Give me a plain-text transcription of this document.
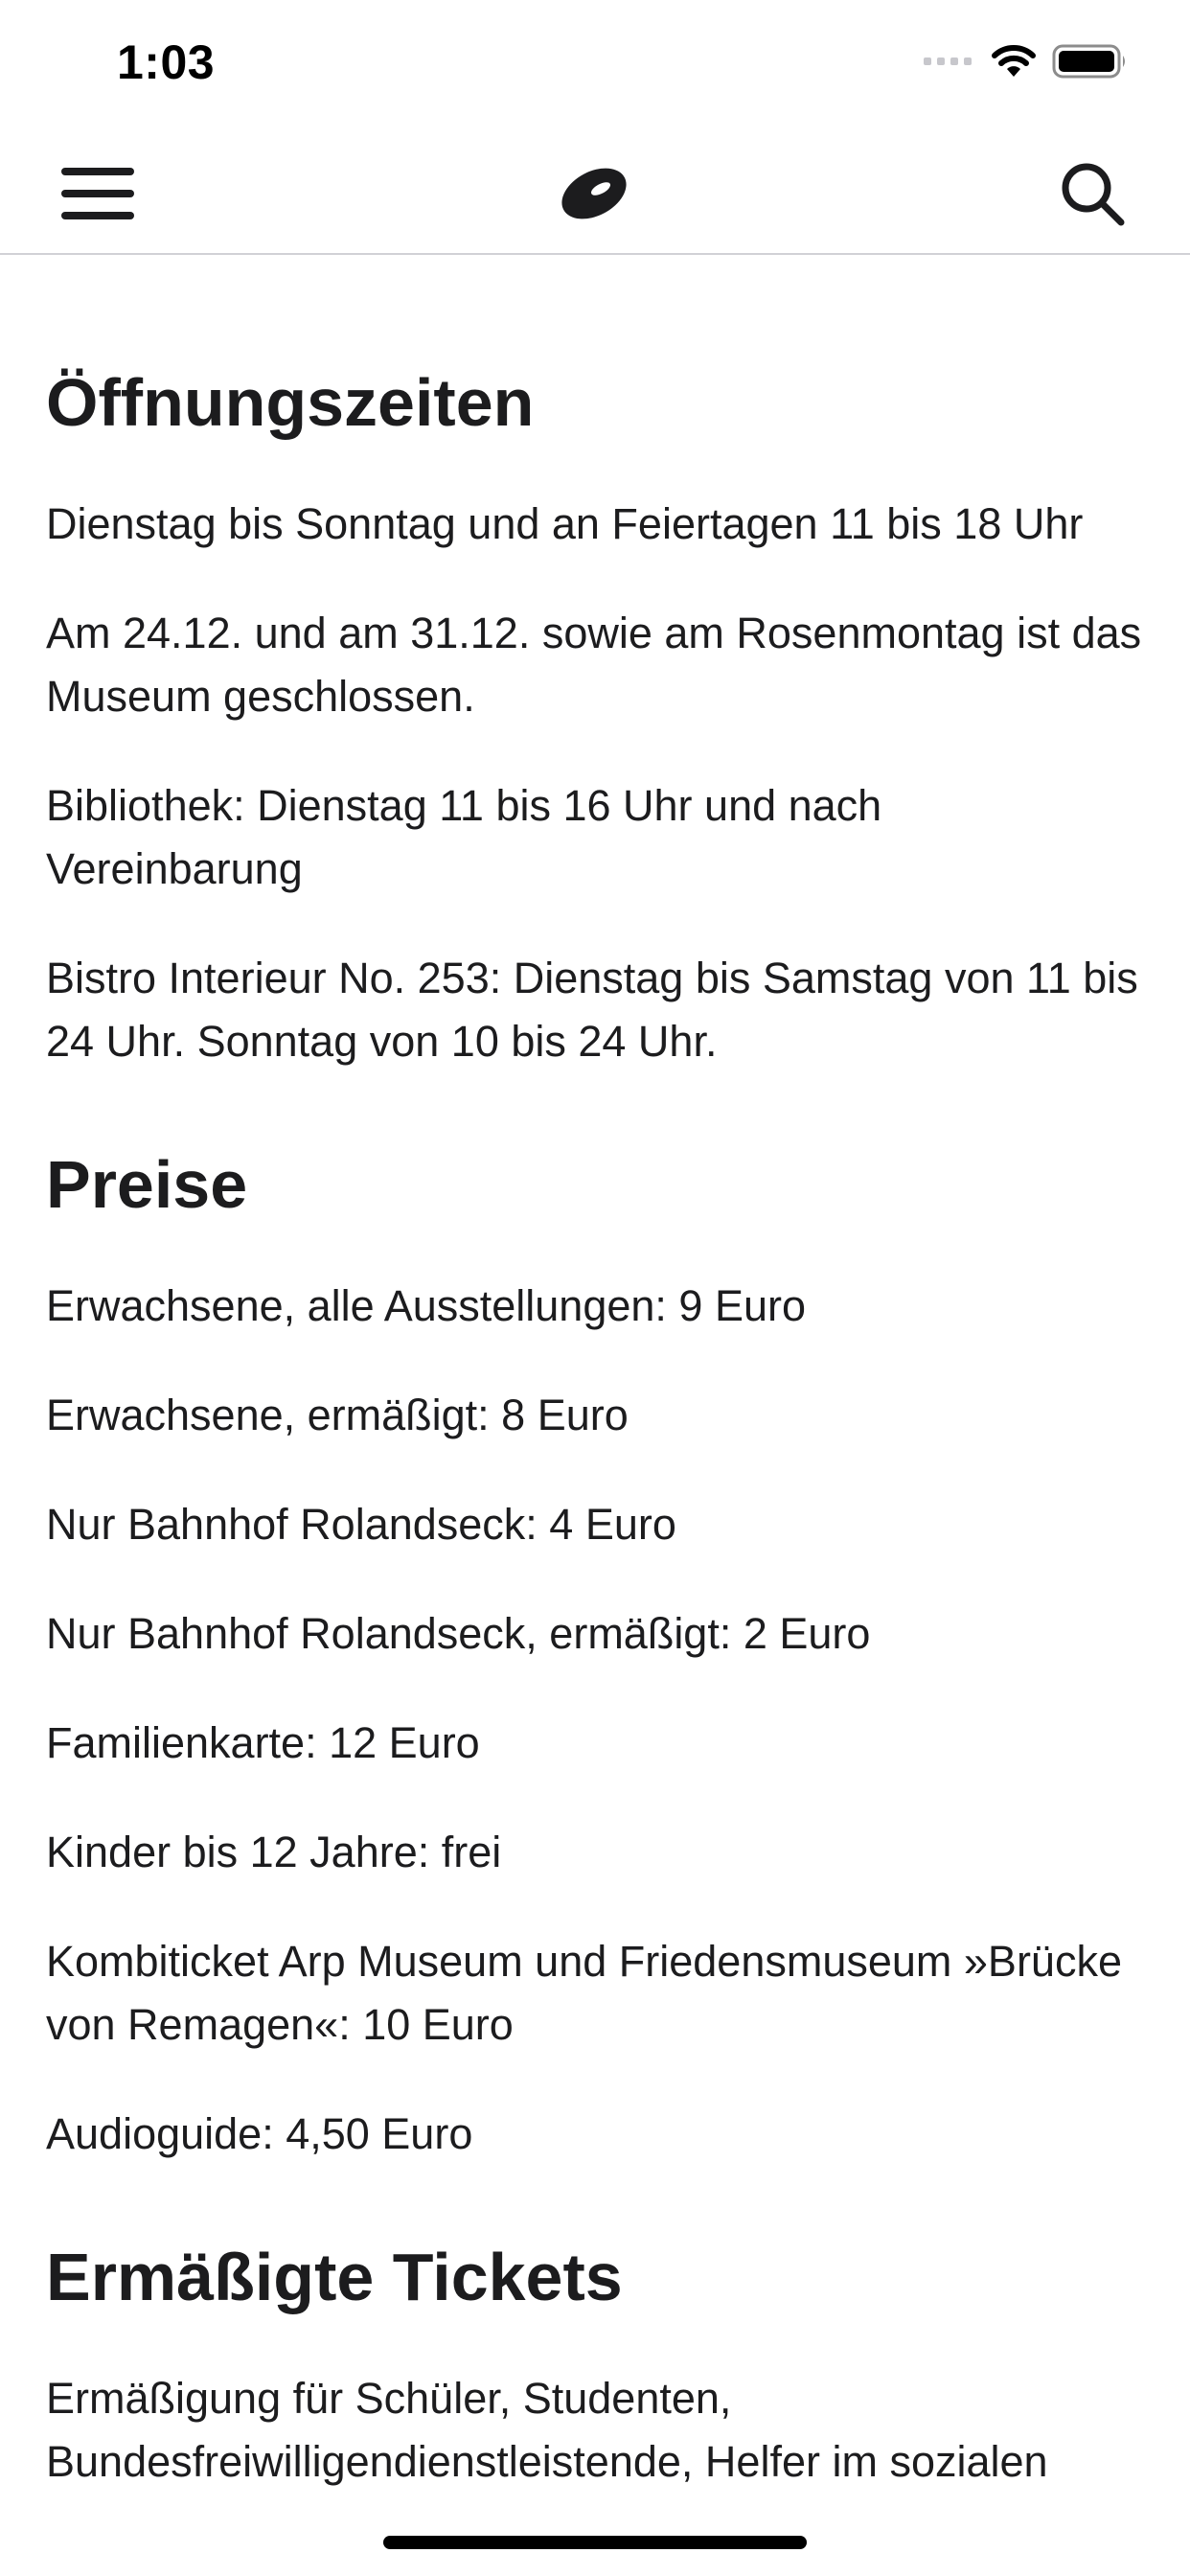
1:03
Öffnungszeiten

Dienstag bis Sonntag und an Feiertagen 11 bis 18 Uhr

Am 24.12. und am 31.12. sowie am Rosenmontag ist das Museum geschlossen.

Bibliothek: Dienstag 11 bis 16 Uhr und nach Vereinbarung

Bistro Interieur No. 253: Dienstag bis Samstag von 11 bis 24 Uhr. Sonntag von 10 bis 24 Uhr.

Preise

Erwachsene, alle Ausstellungen: 9 Euro

Erwachsene, ermäßigt: 8 Euro

Nur Bahnhof Rolandseck: 4 Euro

Nur Bahnhof Rolandseck, ermäßigt: 2 Euro

Familienkarte: 12 Euro

Kinder bis 12 Jahre: frei

Kombiticket Arp Museum und Friedensmuseum »Brücke von Remagen«: 10 Euro

Audioguide: 4,50 Euro

Ermäßigte Tickets

Ermäßigung für Schüler, Studenten, Bundesfreiwilligendienstleistende, Helfer im sozialen
